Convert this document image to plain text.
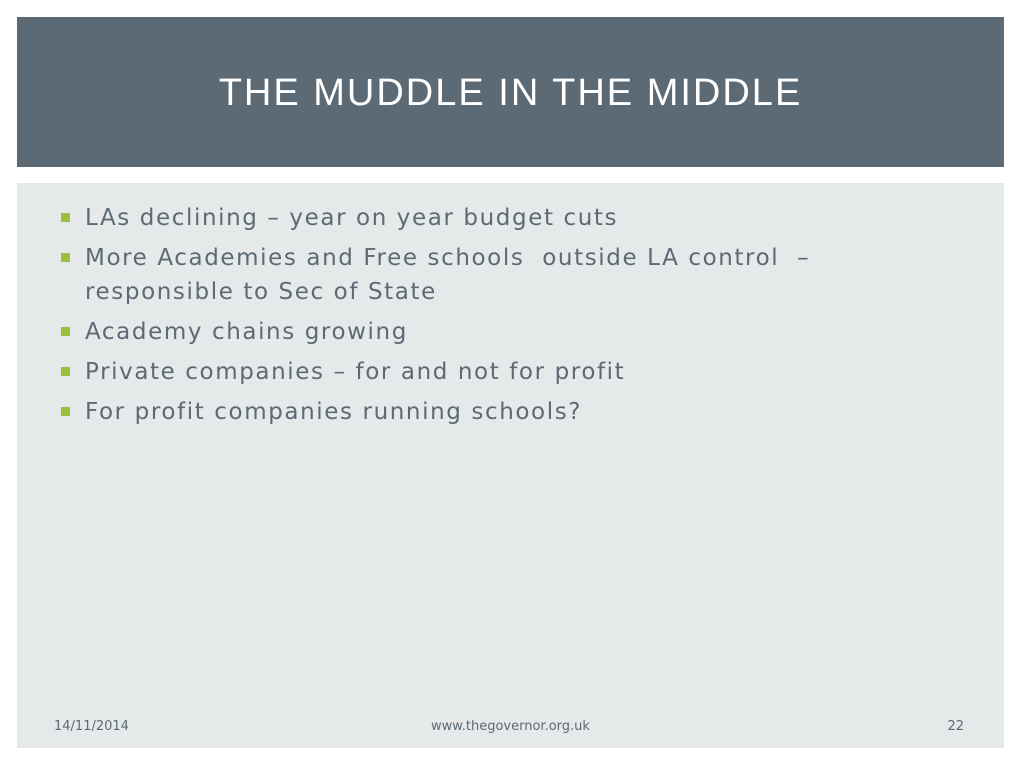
THE MUDDLE IN THE MIDDLE
LAs declining – year on year budget cuts
More Academies and Free schools  outside LA control  – responsible to Sec of State
Academy chains growing
Private companies – for and not for profit
For profit companies running schools?
14/11/2014	www.thegovernor.org.uk	22
